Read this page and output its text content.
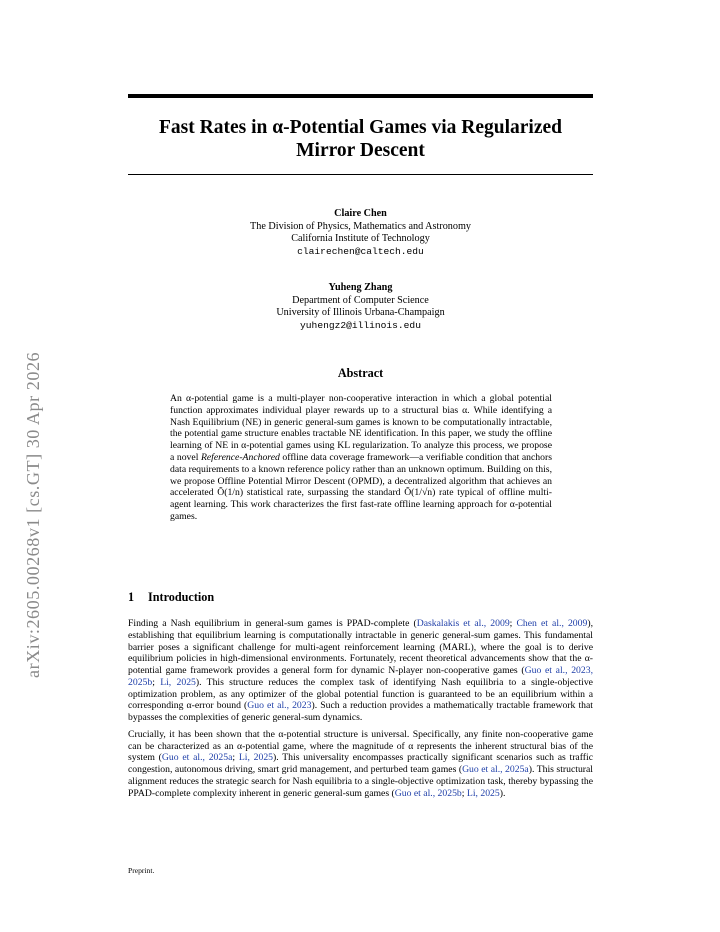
arXiv:2605.00268v1 [cs.GT] 30 Apr 2026
Fast Rates in α-Potential Games via Regularized
Mirror Descent
Claire Chen
The Division of Physics, Mathematics and Astronomy
California Institute of Technology
clairechen@caltech.edu
Yuheng Zhang
Department of Computer Science
University of Illinois Urbana-Champaign
yuhengz2@illinois.edu
Abstract

An α-potential game is a multi-player non-cooperative interaction in which a global potential function approximates individual player rewards up to a structural bias α. While identifying a Nash Equilibrium (NE) in generic general-sum games is known to be computationally intractable, the potential game structure enables tractable NE identification. In this paper, we study the offline learning of NE in α-potential games using KL regularization. To analyze this process, we propose a novel Reference-Anchored offline data coverage framework—a verifiable condition that anchors data requirements to a known reference policy rather than an unknown optimum. Building on this, we propose Offline Potential Mirror Descent (OPMD), a decentralized algorithm that achieves an accelerated Õ(1/n) statistical rate, surpassing the standard Õ(1/√n) rate typical of offline multi-agent learning. This work characterizes the first fast-rate offline learning approach for α-potential games.

1 Introduction

Finding a Nash equilibrium in general-sum games is PPAD-complete (Daskalakis et al., 2009; Chen et al., 2009), establishing that equilibrium learning is computationally intractable in generic general-sum games. This fundamental barrier poses a significant challenge for multi-agent reinforcement learning (MARL), where the goal is to derive equilibrium policies in high-dimensional environments. Fortunately, recent theoretical advancements show that the α-potential game framework provides a general form for dynamic N-player non-cooperative games (Guo et al., 2023, 2025b; Li, 2025). This structure reduces the complex task of identifying Nash equilibria to a single-objective optimization problem, as any optimizer of the global potential function is guaranteed to be an equilibrium within a corresponding α-error bound (Guo et al., 2023). Such a reduction provides a mathematically tractable framework that bypasses the complexities of generic general-sum dynamics.

Crucially, it has been shown that the α-potential structure is universal. Specifically, any finite non-cooperative game can be characterized as an α-potential game, where the magnitude of α represents the inherent structural bias of the system (Guo et al., 2025a; Li, 2025). This universality encompasses practically significant scenarios such as traffic congestion, autonomous driving, smart grid management, and perturbed team games (Guo et al., 2025a). This structural alignment reduces the strategic search for Nash equilibria to a single-objective optimization task, thereby bypassing the PPAD-complete complexity inherent in generic general-sum games (Guo et al., 2025b; Li, 2025).

Preprint.
